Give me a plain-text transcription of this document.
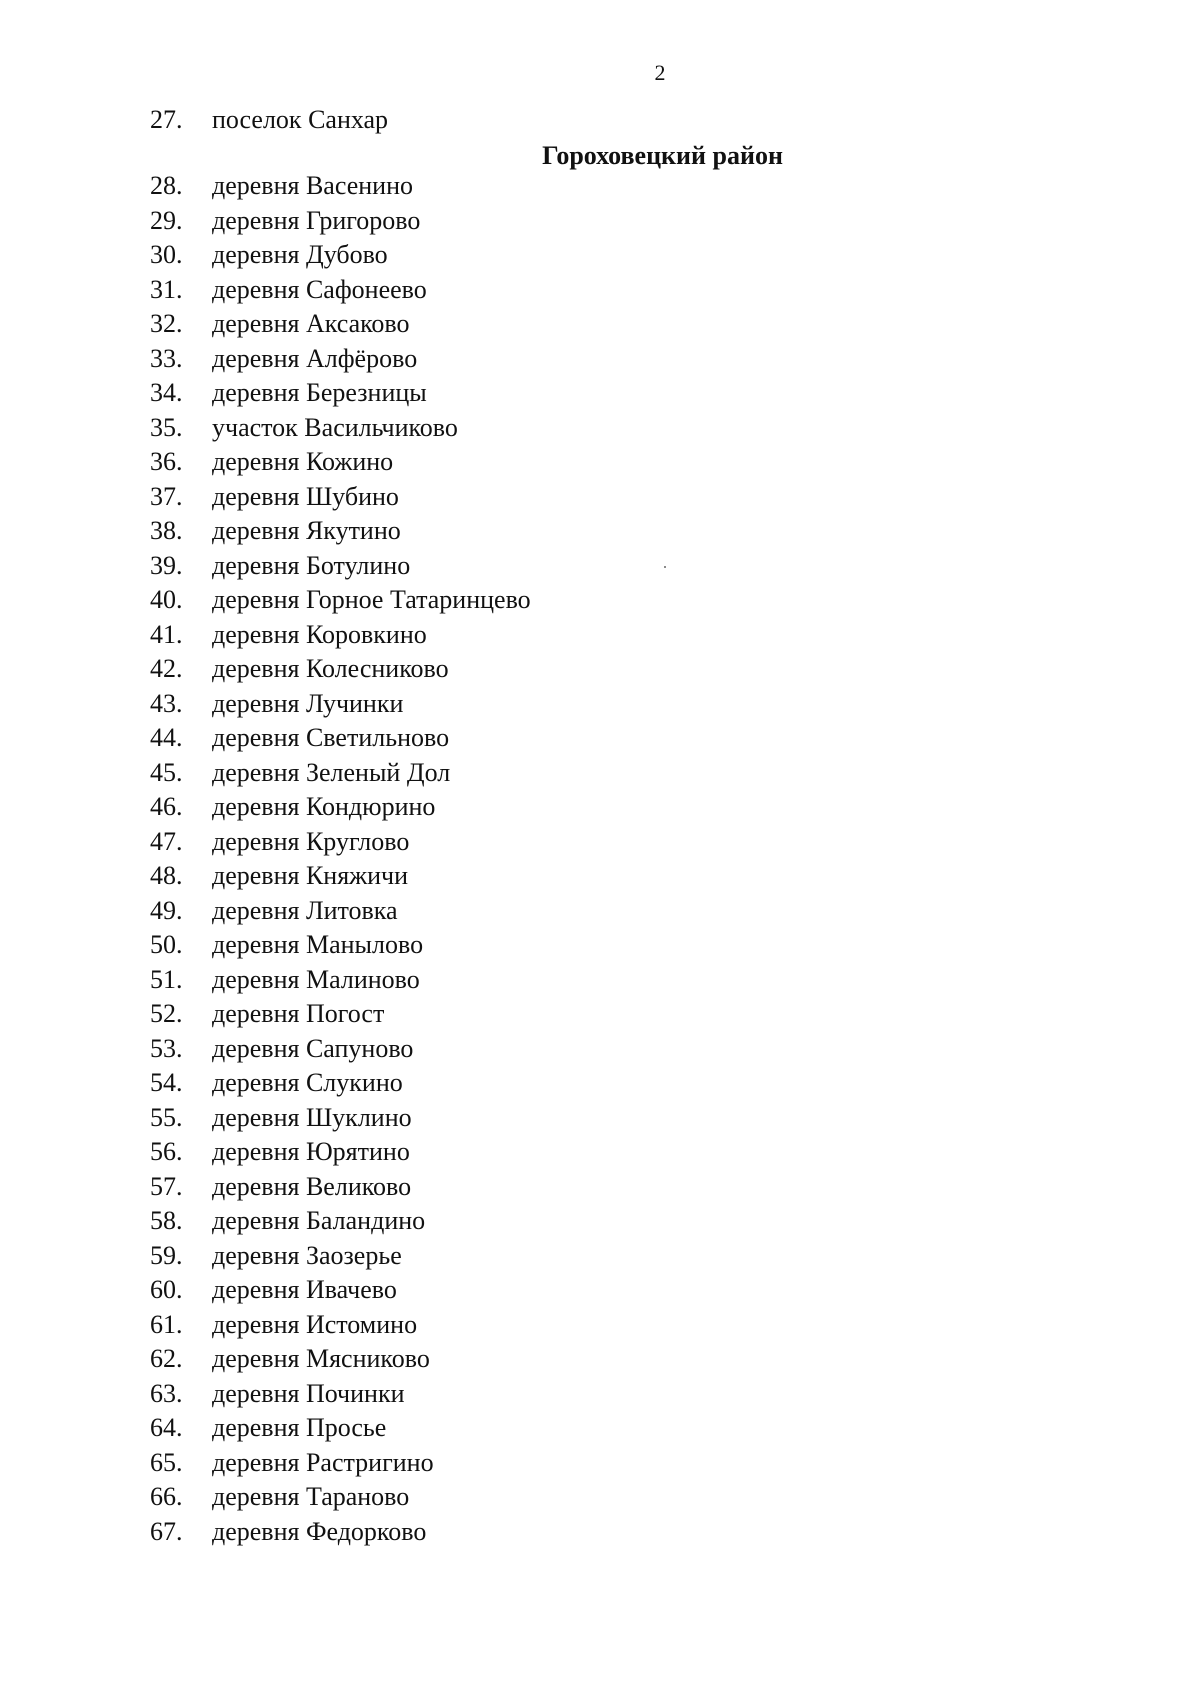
2
27.	поселок Санхар
Гороховецкий район
28.	деревня Васенино
29.	деревня Григорово
30.	деревня Дубово
31.	деревня Сафонеево
32.	деревня Аксаково
33.	деревня Алфёрово
34.	деревня Березницы
35.	участок Васильчиково
36.	деревня Кожино
37.	деревня Шубино
38.	деревня Якутино
39.	деревня Ботулино
40.	деревня Горное Татаринцево
41.	деревня Коровкино
42.	деревня Колесниково
43.	деревня Лучинки
44.	деревня Светильново
45.	деревня Зеленый Дол
46.	деревня Кондюрино
47.	деревня Круглово
48.	деревня Княжичи
49.	деревня Литовка
50.	деревня Манылово
51.	деревня Малиново
52.	деревня Погост
53.	деревня Сапуново
54.	деревня Слукино
55.	деревня Шуклино
56.	деревня Юрятино
57.	деревня Великово
58.	деревня Баландино
59.	деревня Заозерье
60.	деревня Ивачево
61.	деревня Истомино
62.	деревня Мясниково
63.	деревня Починки
64.	деревня Просье
65.	деревня Растригино
66.	деревня Тараново
67.	деревня Федорково
